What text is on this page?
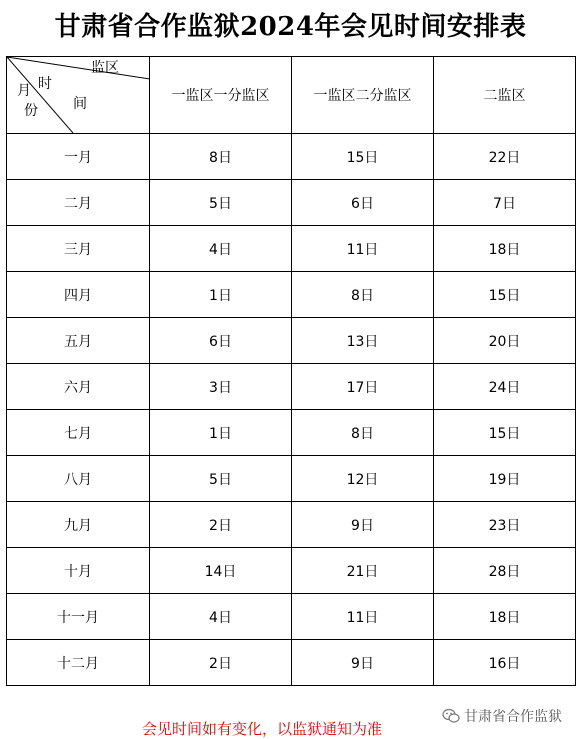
甘肃省合作监狱2024年会见时间安排表
监区
时
间
月
份	一监区一分监区	一监区二分监区	二监区
一月	8日	15日	22日
二月	5日	6日	7日
三月	4日	11日	18日
四月	1日	8日	15日
五月	6日	13日	20日
六月	3日	17日	24日
七月	1日	8日	15日
八月	5日	12日	19日
九月	2日	9日	23日
十月	14日	21日	28日
十一月	4日	11日	18日
十二月	2日	9日	16日
甘肃省合作监狱
会见时间如有变化，以监狱通知为准
